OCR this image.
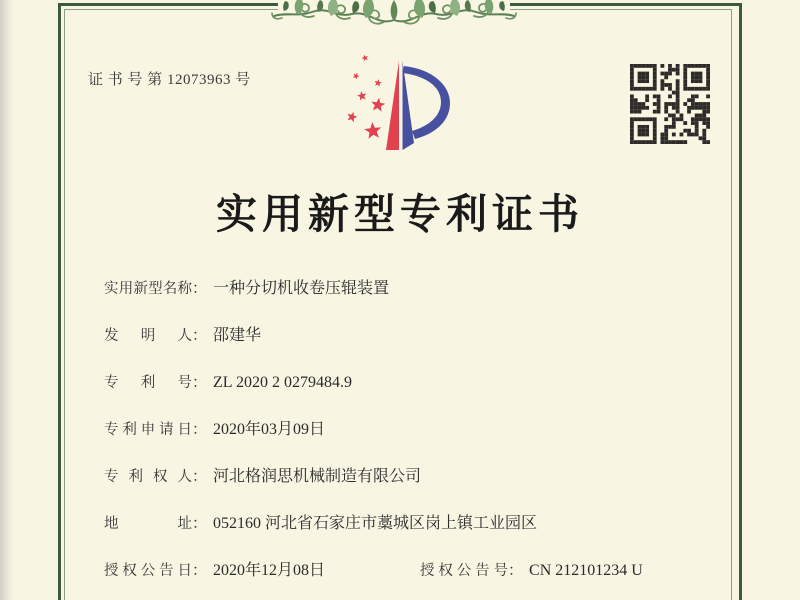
证 书 号 第 12073963 号
实用新型专利证书
实用新型名称： 一种分切机收卷压辊装置
发明人： 邵建华
专利号： ZL 2020 2 0279484.9
专利申请日： 2020年03月09日
专利权人： 河北格润思机械制造有限公司
地址： 052160 河北省石家庄市藁城区岗上镇工业园区
授权公告日： 2020年12月08日	授权公告号： CN 212101234 U
